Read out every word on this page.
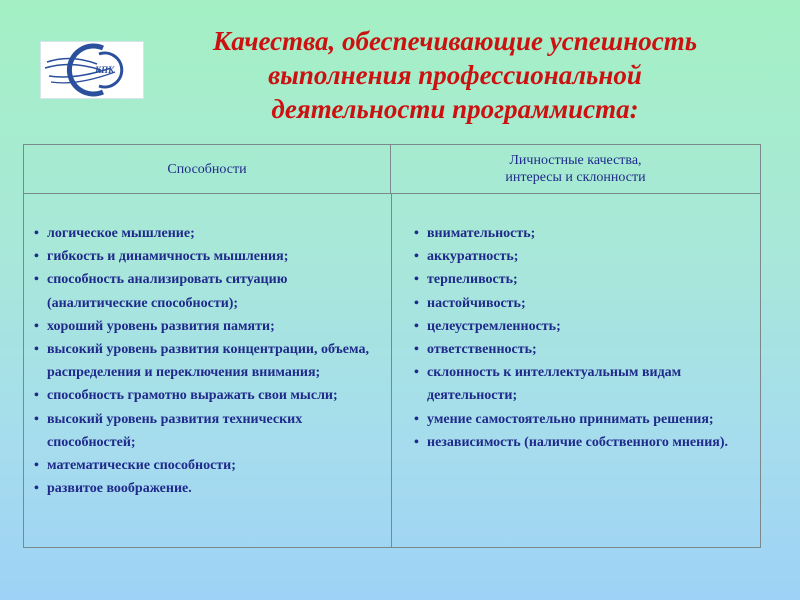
КПК
Качества, обеспечивающие успешность
выполнения профессиональной
деятельности программиста:
Способности
Личностные качества,
интересы и склонности
• логическое мышление;
• гибкость и динамичность мышления;
• способность анализировать ситуацию (аналитические способности);
• хороший уровень развития памяти;
• высокий уровень развития концентрации, объема, распределения и переключения внимания;
• способность грамотно выражать свои мысли;
• высокий уровень развития технических способностей;
• математические способности;
• развитое воображение.
• внимательность;
• аккуратность;
• терпеливость;
• настойчивость;
• целеустремленность;
• ответственность;
• склонность к интеллектуальным видам деятельности;
• умение самостоятельно принимать решения;
• независимость (наличие собственного мнения).
